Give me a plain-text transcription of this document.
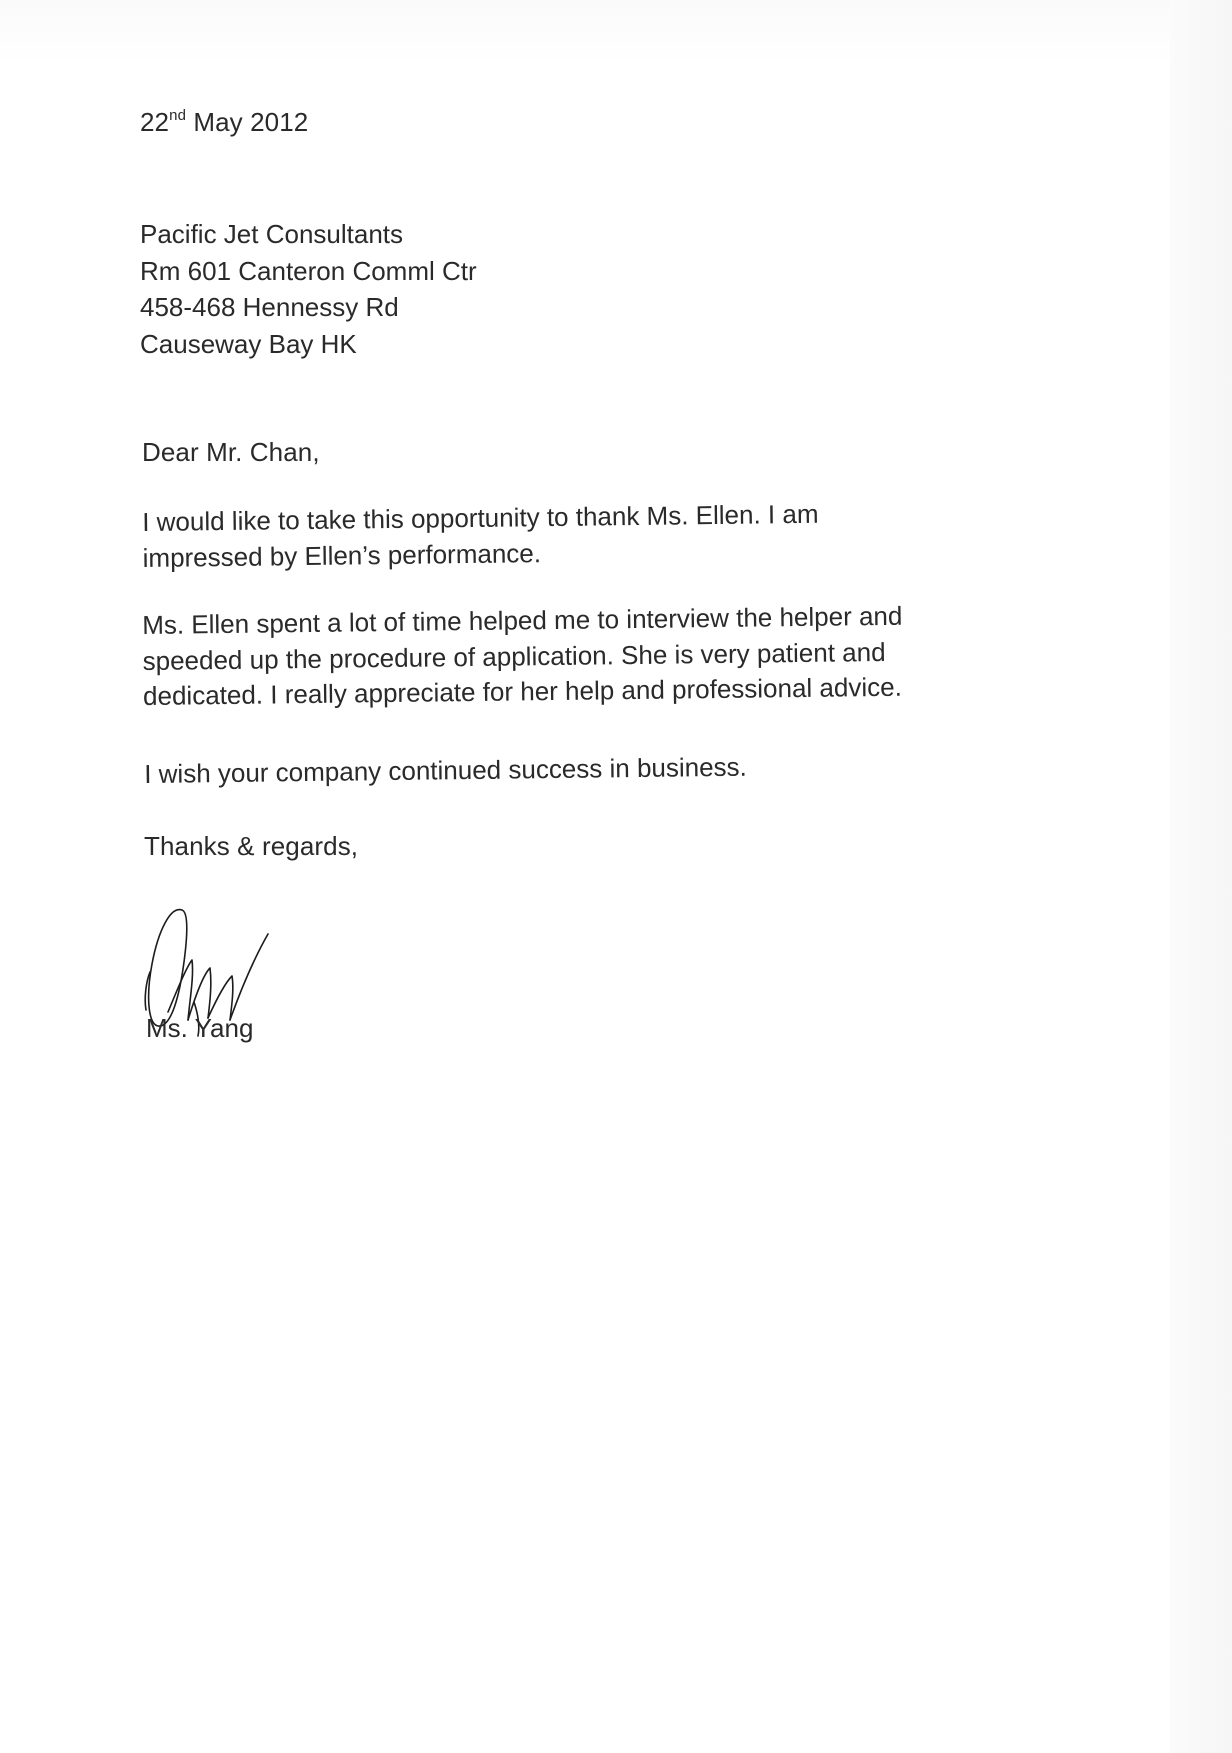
22nd May 2012
Pacific Jet Consultants
Rm 601 Canteron Comml Ctr
458-468 Hennessy Rd
Causeway Bay HK
Dear Mr. Chan,
I would like to take this opportunity to thank Ms. Ellen. I am
impressed by Ellen’s performance.
Ms. Ellen spent a lot of time helped me to interview the helper and
speeded up the procedure of application. She is very patient and
dedicated. I really appreciate for her help and professional advice.
I wish your company continued success in business.
Thanks & regards,
Ms. Yang
